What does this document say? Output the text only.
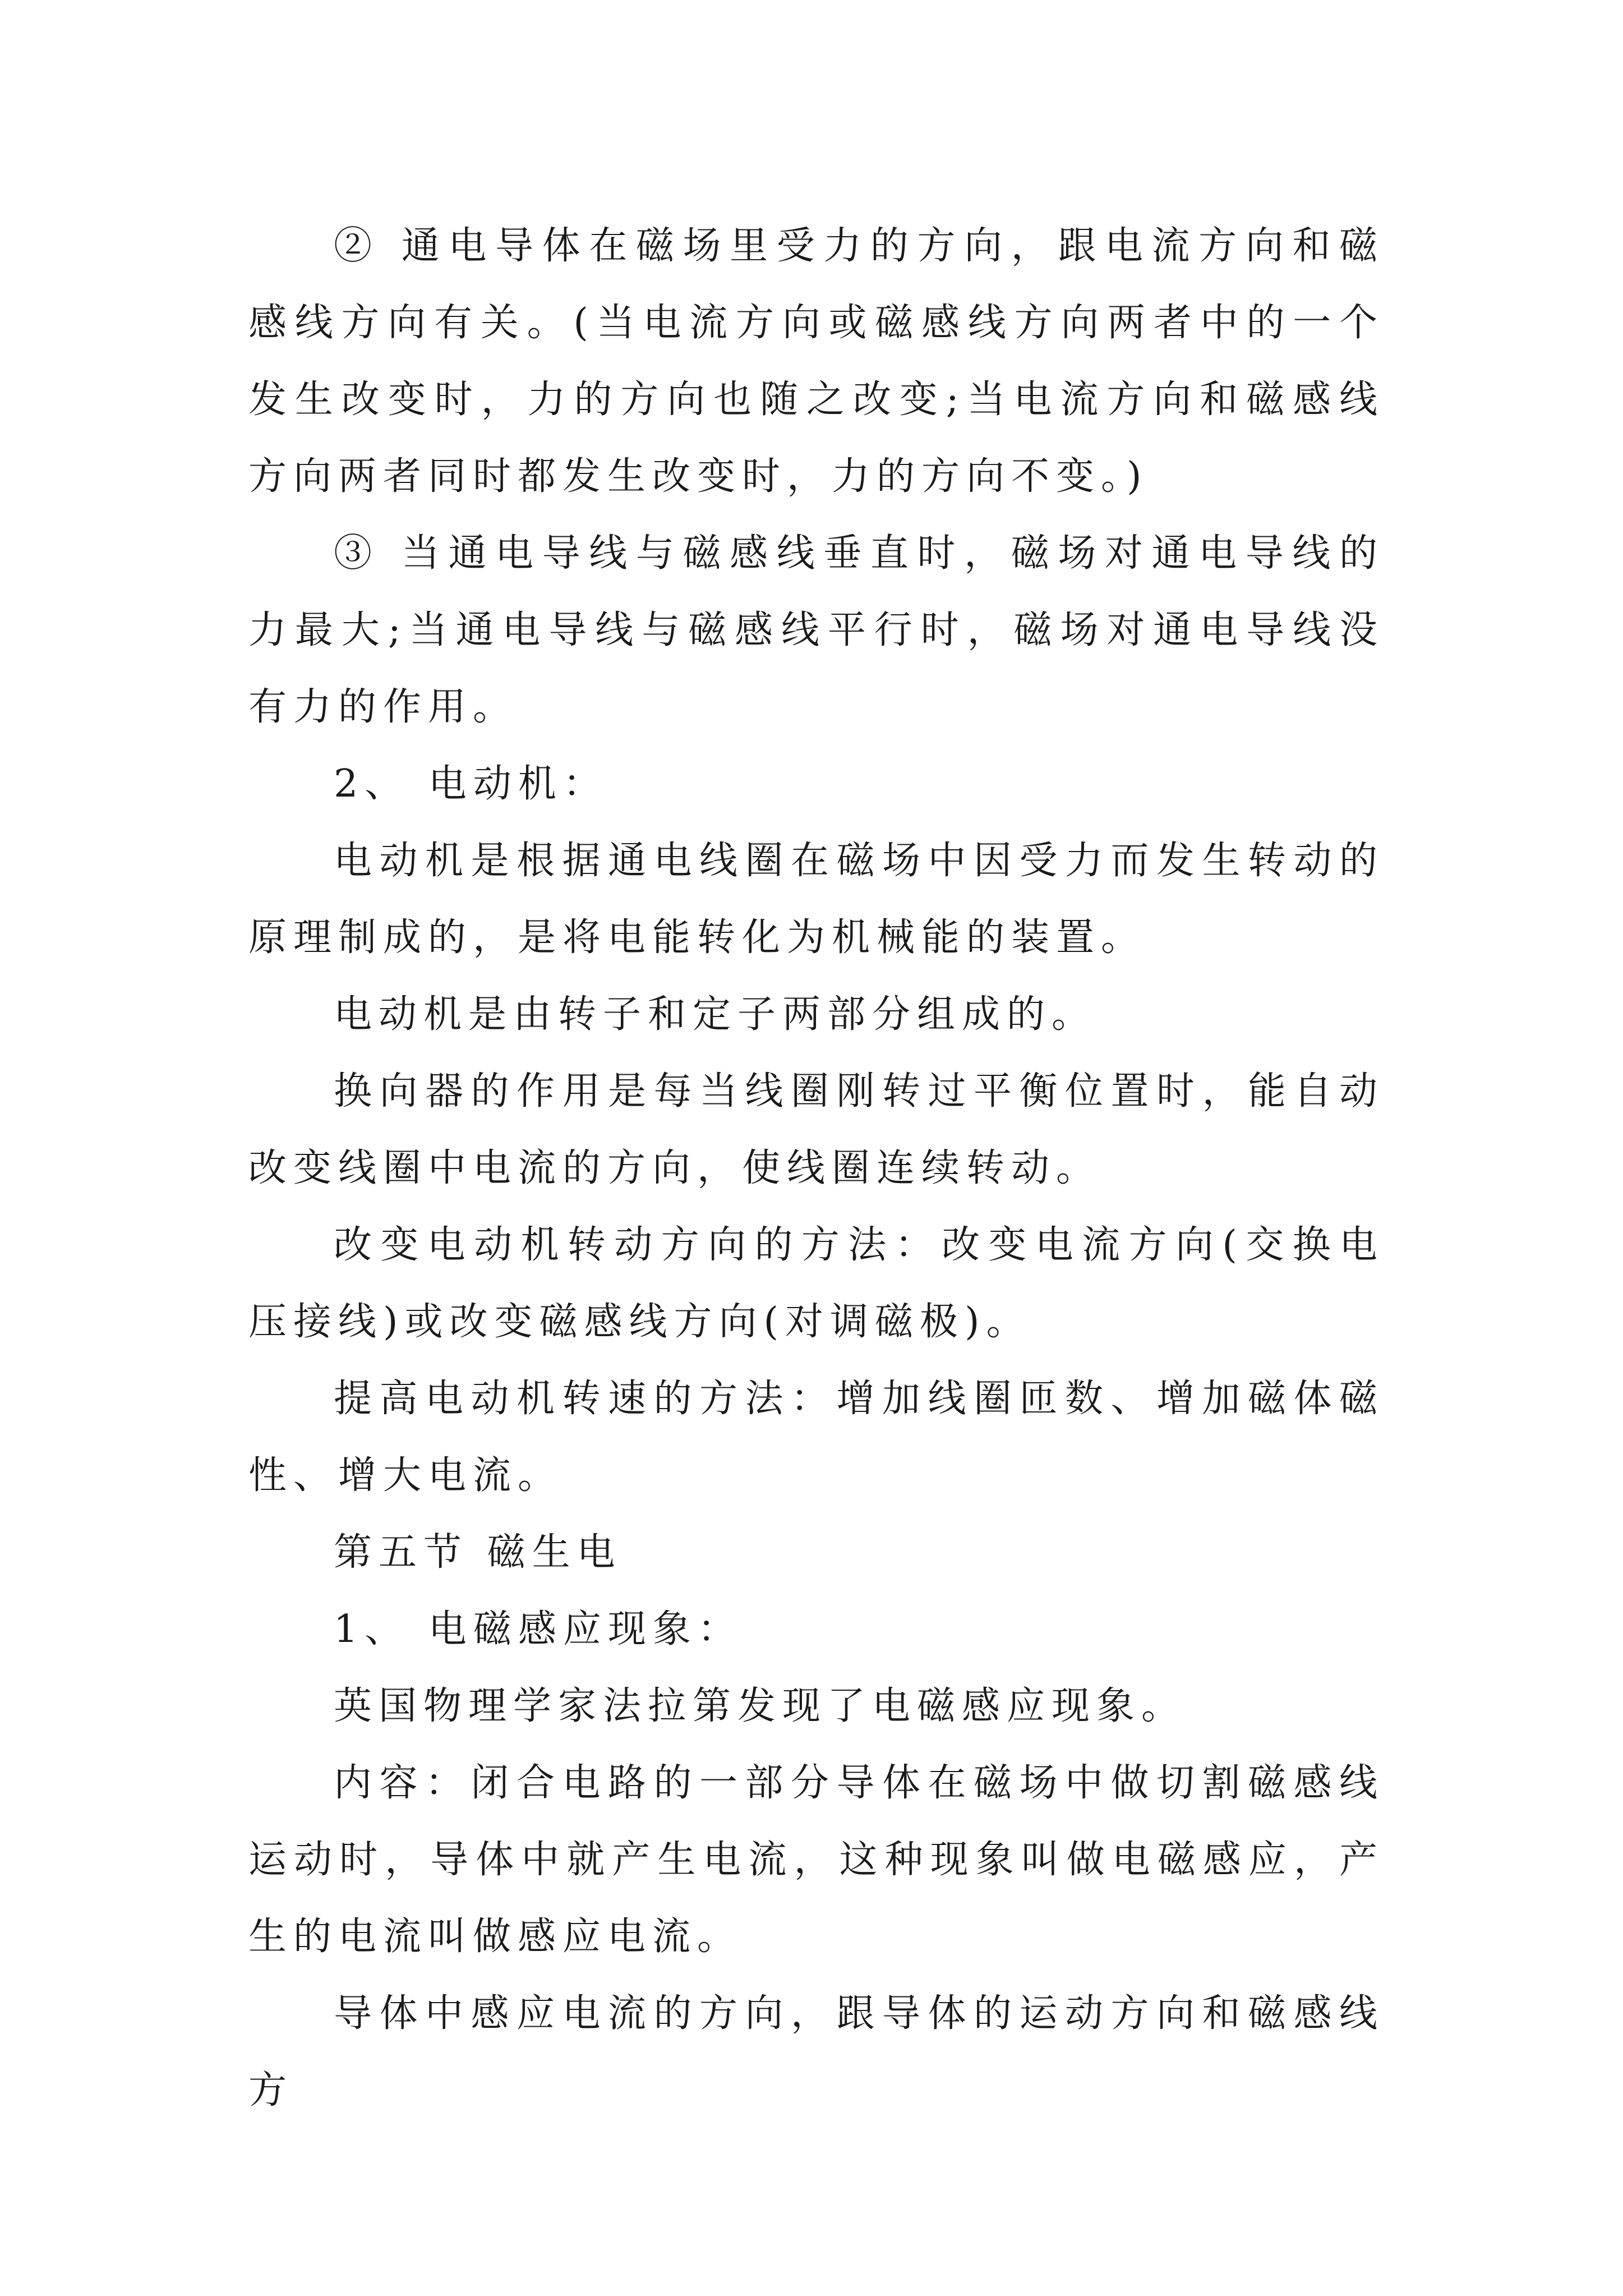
② 通电导体在磁场里受力的方向，跟电流方向和磁感线方向有关。(当电流方向或磁感线方向两者中的一个发生改变时，力的方向也随之改变;当电流方向和磁感线方向两者同时都发生改变时，力的方向不变。)

③ 当通电导线与磁感线垂直时，磁场对通电导线的力最大;当通电导线与磁感线平行时，磁场对通电导线没有力的作用。

2、 电动机：

电动机是根据通电线圈在磁场中因受力而发生转动的原理制成的，是将电能转化为机械能的装置。

电动机是由转子和定子两部分组成的。

换向器的作用是每当线圈刚转过平衡位置时，能自动改变线圈中电流的方向，使线圈连续转动。

改变电动机转动方向的方法：改变电流方向(交换电压接线)或改变磁感线方向(对调磁极)。

提高电动机转速的方法：增加线圈匝数、增加磁体磁性、增大电流。

第五节 磁生电

1、 电磁感应现象：

英国物理学家法拉第发现了电磁感应现象。

内容：闭合电路的一部分导体在磁场中做切割磁感线运动时，导体中就产生电流，这种现象叫做电磁感应，产生的电流叫做感应电流。

导体中感应电流的方向，跟导体的运动方向和磁感线方
